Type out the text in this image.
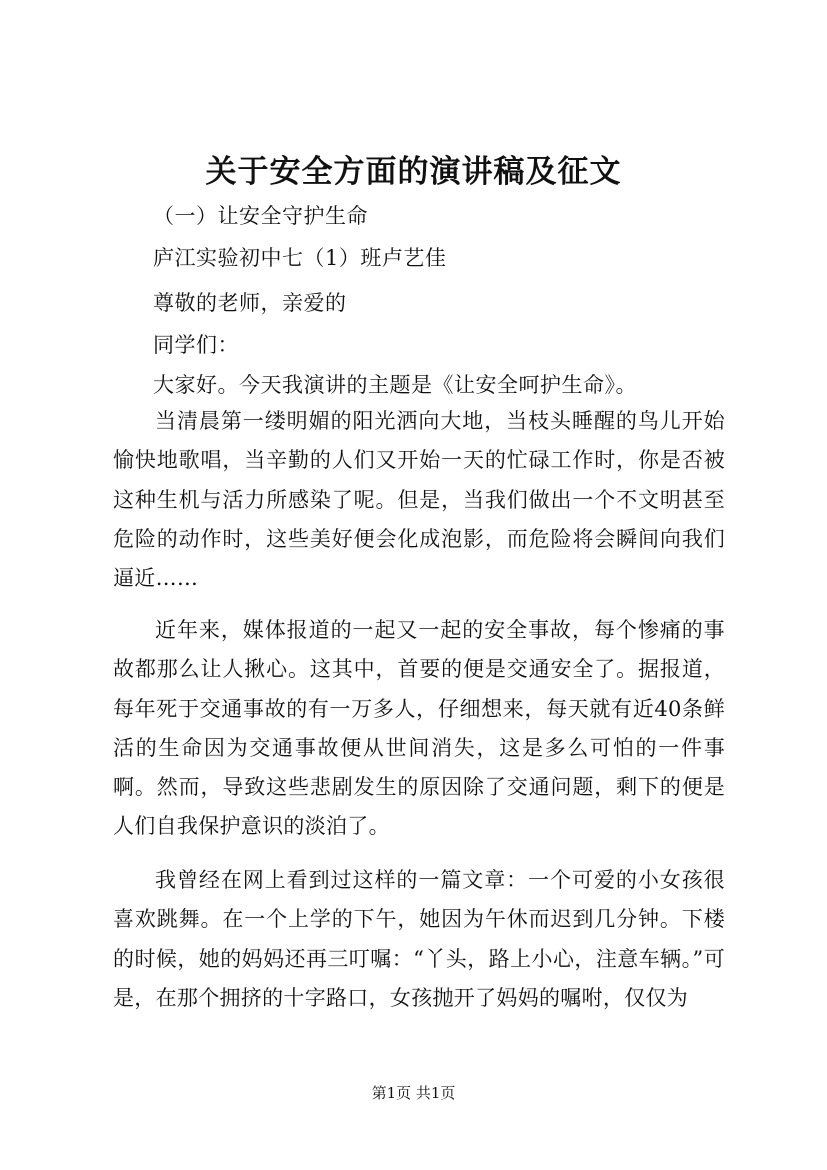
关于安全方面的演讲稿及征文
（一）让安全守护生命
庐江实验初中七（1）班卢艺佳
尊敬的老师，亲爱的
同学们：
大家好。今天我演讲的主题是《让安全呵护生命》。
当清晨第一缕明媚的阳光洒向大地，当枝头睡醒的鸟儿开始愉快地歌唱，当辛勤的人们又开始一天的忙碌工作时，你是否被这种生机与活力所感染了呢。但是，当我们做出一个不文明甚至危险的动作时，这些美好便会化成泡影，而危险将会瞬间向我们逼近……
近年来，媒体报道的一起又一起的安全事故，每个惨痛的事故都那么让人揪心。这其中，首要的便是交通安全了。据报道，每年死于交通事故的有一万多人，仔细想来，每天就有近40条鲜活的生命因为交通事故便从世间消失，这是多么可怕的一件事啊。然而，导致这些悲剧发生的原因除了交通问题，剩下的便是人们自我保护意识的淡泊了。
我曾经在网上看到过这样的一篇文章：一个可爱的小女孩很喜欢跳舞。在一个上学的下午，她因为午休而迟到几分钟。下楼的时候，她的妈妈还再三叮嘱：“丫头，路上小心，注意车辆。”可是，在那个拥挤的十字路口，女孩抛开了妈妈的嘱咐，仅仅为
第1页 共1页
